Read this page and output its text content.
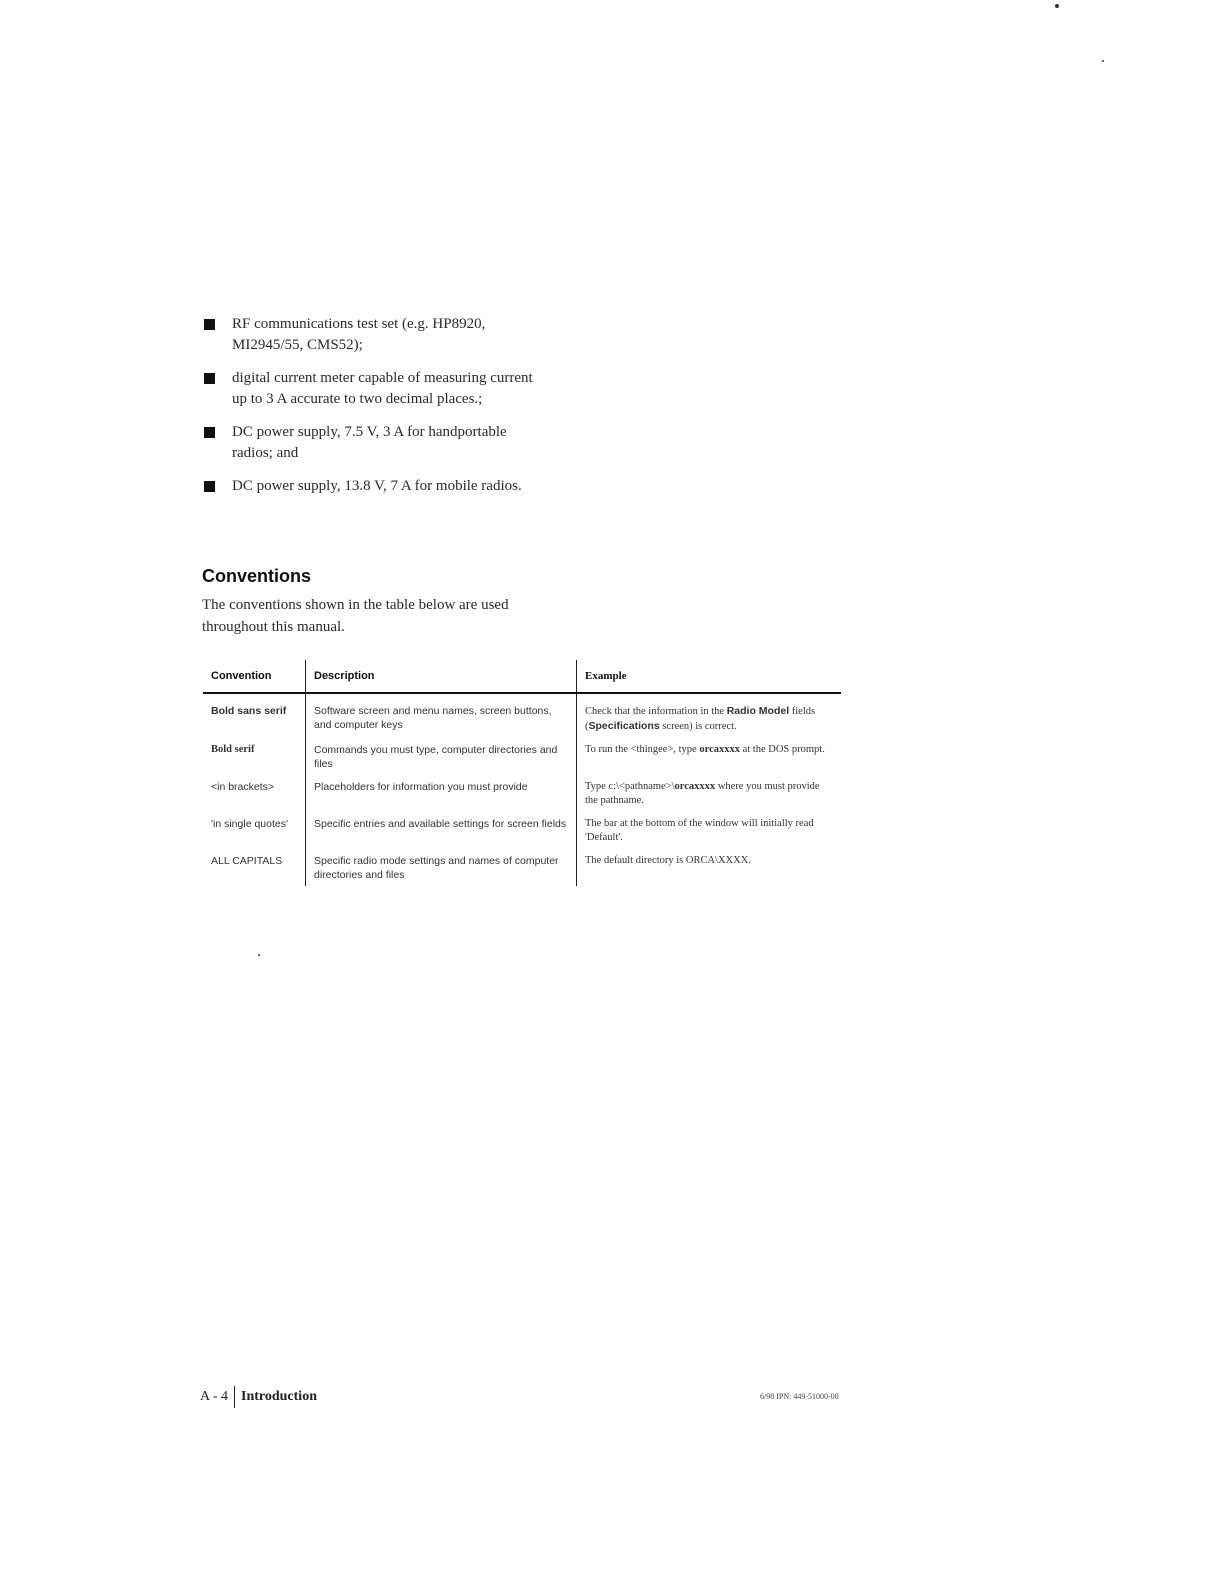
RF communications test set (e.g. HP8920, MI2945/55, CMS52);
digital current meter capable of measuring current up to 3 A accurate to two decimal places.;
DC power supply, 7.5 V, 3 A for handportable radios; and
DC power supply, 13.8 V, 7 A for mobile radios.
Conventions
The conventions shown in the table below are used throughout this manual.
Convention	Description	Example
Bold sans serif	Software screen and menu names, screen buttons, and computer keys	Check that the information in the Radio Model fields (Specifications screen) is correct.
Bold serif	Commands you must type, computer directories and files	To run the <thingee>, type orcaxxxx at the DOS prompt.
<in brackets>	Placeholders for information you must provide	Type c:\<pathname>\orcaxxxx where you must provide the pathname.
'in single quotes'	Specific entries and available settings for screen fields	The bar at the bottom of the window will initially read 'Default'.
ALL CAPITALS	Specific radio mode settings and names of computer directories and files	The default directory is ORCA\XXXX.
A - 4 Introduction	6/98 IPN: 449-51000-00
